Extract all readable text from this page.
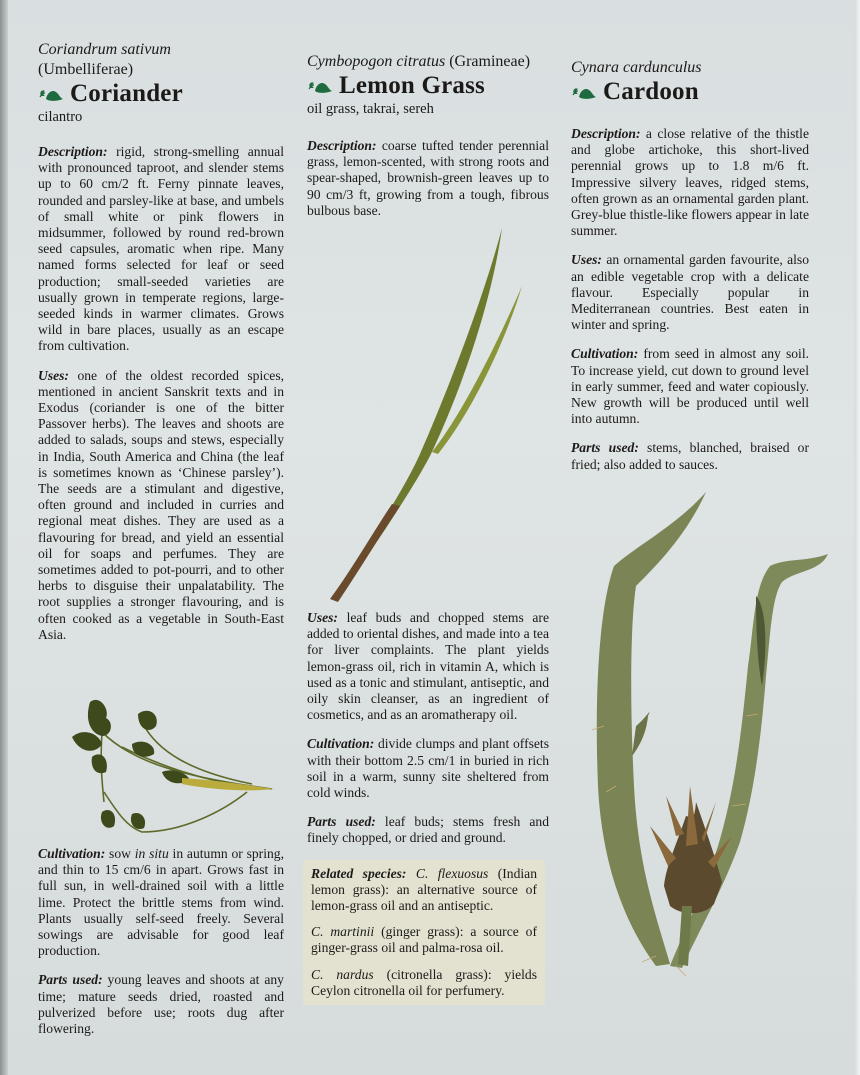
Coriandrum sativum

(Umbelliferae)

Coriander

cilantro

Description: rigid, strong-smelling annual with pronounced taproot, and slender stems up to 60 cm/2 ft. Ferny pinnate leaves, rounded and parsley-like at base, and umbels of small white or pink flowers in midsummer, followed by round red-brown seed capsules, aromatic when ripe. Many named forms selected for leaf or seed production; small-seeded varieties are usually grown in temperate regions, large-seeded kinds in warmer climates. Grows wild in bare places, usually as an escape from cultivation.

Uses: one of the oldest recorded spices, mentioned in ancient Sanskrit texts and in Exodus (coriander is one of the bitter Passover herbs). The leaves and shoots are added to salads, soups and stews, especially in India, South America and China (the leaf is sometimes known as ‘Chinese parsley’). The seeds are a stimulant and digestive, often ground and included in curries and regional meat dishes. They are used as a flavouring for bread, and yield an essential oil for soaps and perfumes. They are sometimes added to pot-pourri, and to other herbs to disguise their unpalatability. The root supplies a stronger flavouring, and is often cooked as a vegetable in South-East Asia.

Cultivation: sow in situ in autumn or spring, and thin to 15 cm/6 in apart. Grows fast in full sun, in well-drained soil with a little lime. Protect the brittle stems from wind. Plants usually self-seed freely. Several sowings are advisable for good leaf production.

Parts used: young leaves and shoots at any time; mature seeds dried, roasted and pulverized before use; roots dug after flowering.

Cymbopogon citratus (Gramineae)

Lemon Grass

oil grass, takrai, sereh

Description: coarse tufted tender perennial grass, lemon-scented, with strong roots and spear-shaped, brownish-green leaves up to 90 cm/3 ft, growing from a tough, fibrous bulbous base.

Uses: leaf buds and chopped stems are added to oriental dishes, and made into a tea for liver complaints. The plant yields lemon-grass oil, rich in vitamin A, which is used as a tonic and stimulant, antiseptic, and oily skin cleanser, as an ingredient of cosmetics, and as an aromatherapy oil.

Cultivation: divide clumps and plant offsets with their bottom 2.5 cm/1 in buried in rich soil in a warm, sunny site sheltered from cold winds.

Parts used: leaf buds; stems fresh and finely chopped, or dried and ground.

Related species: C. flexuosus (Indian lemon grass): an alternative source of lemon-grass oil and an antiseptic.

C. martinii (ginger grass): a source of ginger-grass oil and palma-rosa oil.

C. nardus (citronella grass): yields Ceylon citronella oil for perfumery.

Cynara cardunculus

Cardoon

Description: a close relative of the thistle and globe artichoke, this short-lived perennial grows up to 1.8 m/6 ft. Impressive silvery leaves, ridged stems, often grown as an ornamental garden plant. Grey-blue thistle-like flowers appear in late summer.

Uses: an ornamental garden favourite, also an edible vegetable crop with a delicate flavour. Especially popular in Mediterranean countries. Best eaten in winter and spring.

Cultivation: from seed in almost any soil. To increase yield, cut down to ground level in early summer, feed and water copiously. New growth will be produced until well into autumn.

Parts used: stems, blanched, braised or fried; also added to sauces.
